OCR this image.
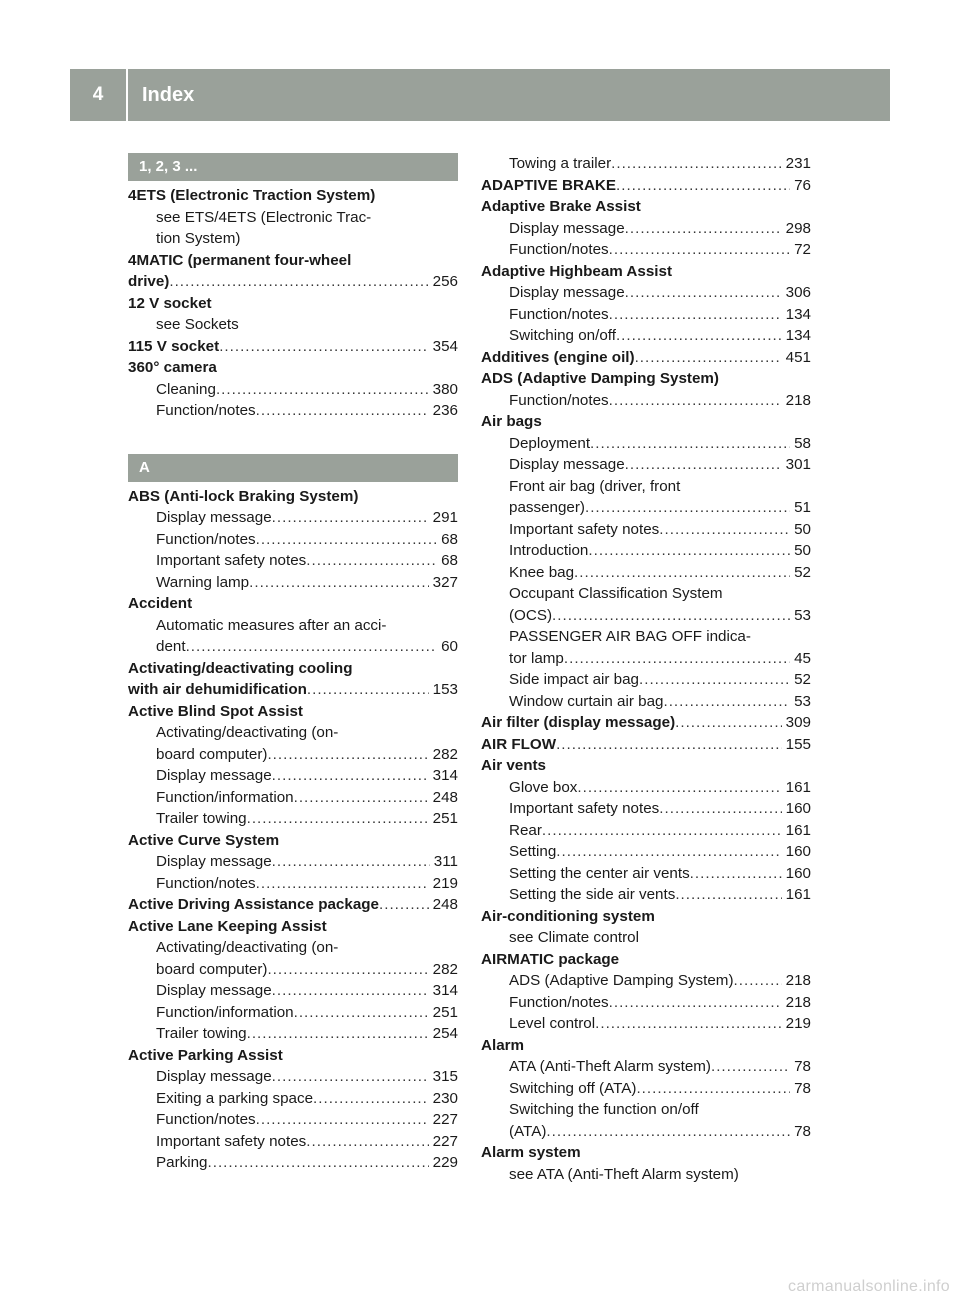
4	Index
1, 2, 3 ...
4ETS (Electronic Traction System)
see ETS/4ETS (Electronic Trac-
tion System)
4MATIC (permanent four-wheel
drive) .....	256
12 V socket
see Sockets
115 V socket .....	354
360° camera
Cleaning .....	380
Function/notes .....	236
A
ABS (Anti-lock Braking System)
Display message .....	291
Function/notes .....	68
Important safety notes .....	68
Warning lamp .....	327
Accident
Automatic measures after an acci-
dent .....	60
Activating/deactivating cooling
with air dehumidification .....	153
Active Blind Spot Assist
Activating/deactivating (on-
board computer) .....	282
Display message .....	314
Function/information .....	248
Trailer towing .....	251
Active Curve System
Display message .....	311
Function/notes .....	219
Active Driving Assistance package .....	248
Active Lane Keeping Assist
Activating/deactivating (on-
board computer) .....	282
Display message .....	314
Function/information .....	251
Trailer towing .....	254
Active Parking Assist
Display message .....	315
Exiting a parking space .....	230
Function/notes .....	227
Important safety notes .....	227
Parking .....	229
Towing a trailer .....	231
ADAPTIVE BRAKE .....	76
Adaptive Brake Assist
Display message .....	298
Function/notes .....	72
Adaptive Highbeam Assist
Display message .....	306
Function/notes .....	134
Switching on/off .....	134
Additives (engine oil) .....	451
ADS (Adaptive Damping System)
Function/notes .....	218
Air bags
Deployment .....	58
Display message .....	301
Front air bag (driver, front
passenger) .....	51
Important safety notes .....	50
Introduction .....	50
Knee bag .....	52
Occupant Classification System
(OCS) .....	53
PASSENGER AIR BAG OFF indica-
tor lamp .....	45
Side impact air bag .....	52
Window curtain air bag .....	53
Air filter (display message) .....	309
AIR FLOW .....	155
Air vents
Glove box .....	161
Important safety notes .....	160
Rear .....	161
Setting .....	160
Setting the center air vents .....	160
Setting the side air vents .....	161
Air-conditioning system
see Climate control
AIRMATIC package
ADS (Adaptive Damping System) .....	218
Function/notes .....	218
Level control .....	219
Alarm
ATA (Anti-Theft Alarm system) .....	78
Switching off (ATA) .....	78
Switching the function on/off
(ATA) .....	78
Alarm system
see ATA (Anti-Theft Alarm system)
carmanualsonline.info
